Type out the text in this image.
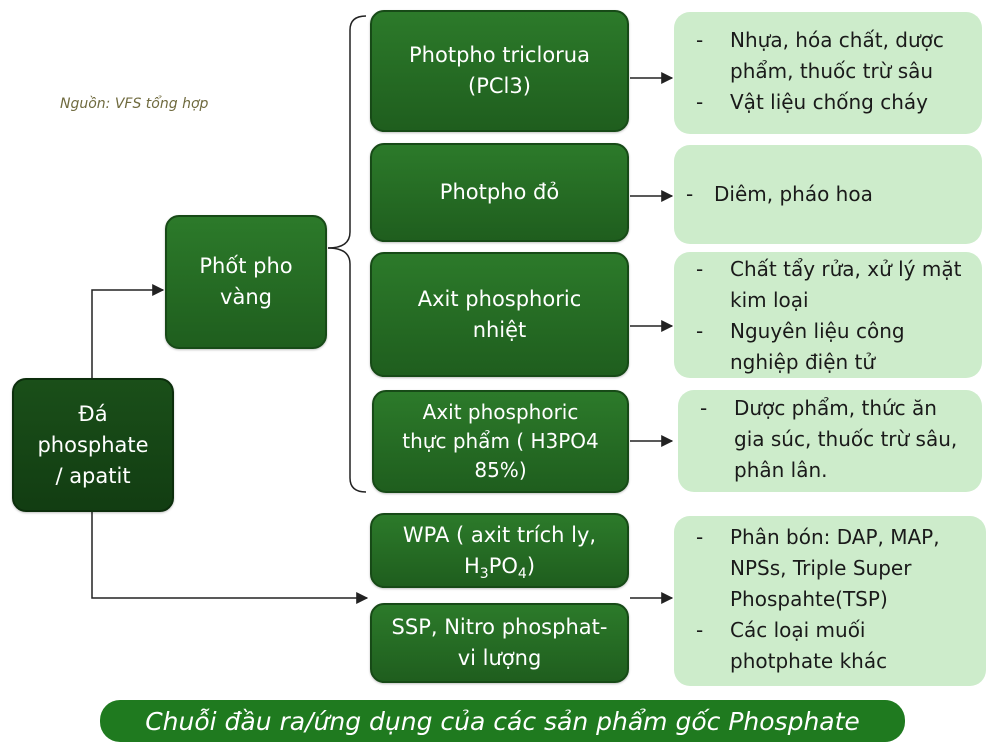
Nguồn: VFS tổng hợp
Đá
phosphate
/ apatit
Phốt pho
vàng
Photpho triclorua
(PCl3)
Photpho đỏ
Axit phosphoric
nhiệt
Axit phosphoric
thực phẩm ( H3PO4
85%)
WPA ( axit trích ly,
$H_3PO_4$)
SSP, Nitro phosphat-
vi lượng
- Nhựa, hóa chất, dược phẩm, thuốc trừ sâu
- Vật liệu chống cháy
- Diêm, pháo hoa
- Chất tẩy rửa, xử lý mặt kim loại
- Nguyên liệu công nghiệp điện tử
- Dược phẩm, thức ăn gia súc, thuốc trừ sâu, phân lân.
- Phân bón: DAP, MAP, NPSs, Triple Super Phospahte(TSP)
- Các loại muối photphate khác
Chuỗi đầu ra/ứng dụng của các sản phẩm gốc Phosphate
